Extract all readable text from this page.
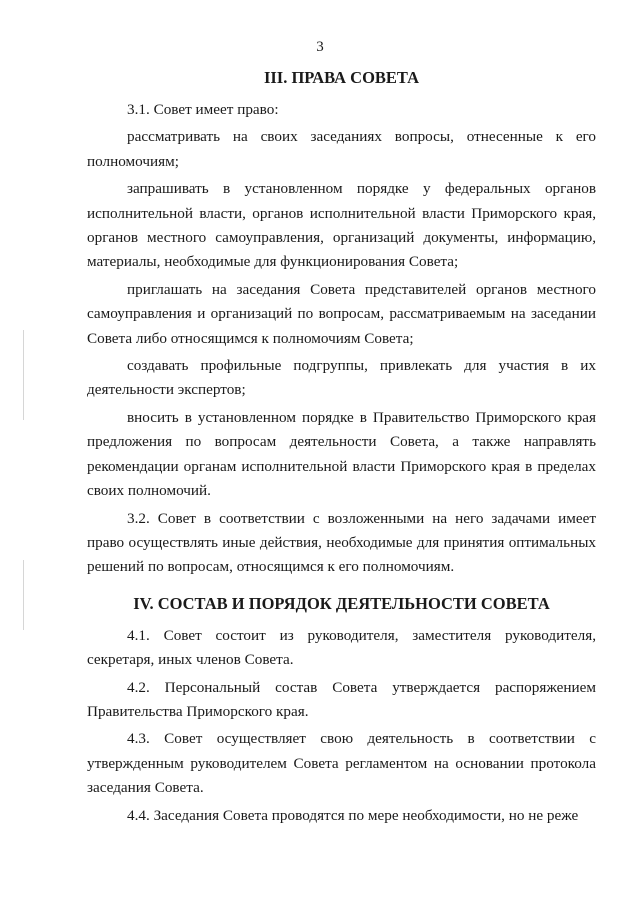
3
III. ПРАВА СОВЕТА

3.1. Совет имеет право:

рассматривать на своих заседаниях вопросы, отнесенные к его полномочиям;

запрашивать в установленном порядке у федеральных органов исполнительной власти, органов исполнительной власти Приморского края, органов местного самоуправления, организаций документы, информацию, материалы, необходимые для функционирования Совета;

приглашать на заседания Совета представителей органов местного самоуправления и организаций по вопросам, рассматриваемым на заседании Совета либо относящимся к полномочиям Совета;

создавать профильные подгруппы, привлекать для участия в их деятельности экспертов;

вносить в установленном порядке в Правительство Приморского края предложения по вопросам деятельности Совета, а также направлять рекомендации органам исполнительной власти Приморского края в пределах своих полномочий.

3.2. Совет в соответствии с возложенными на него задачами имеет право осуществлять иные действия, необходимые для принятия оптимальных решений по вопросам, относящимся к его полномочиям.

IV. СОСТАВ И ПОРЯДОК ДЕЯТЕЛЬНОСТИ СОВЕТА

4.1. Совет состоит из руководителя, заместителя руководителя, секретаря, иных членов Совета.

4.2. Персональный состав Совета утверждается распоряжением Правительства Приморского края.

4.3. Совет осуществляет свою деятельность в соответствии с утвержденным руководителем Совета регламентом на основании протокола заседания Совета.

4.4. Заседания Совета проводятся по мере необходимости, но не реже
